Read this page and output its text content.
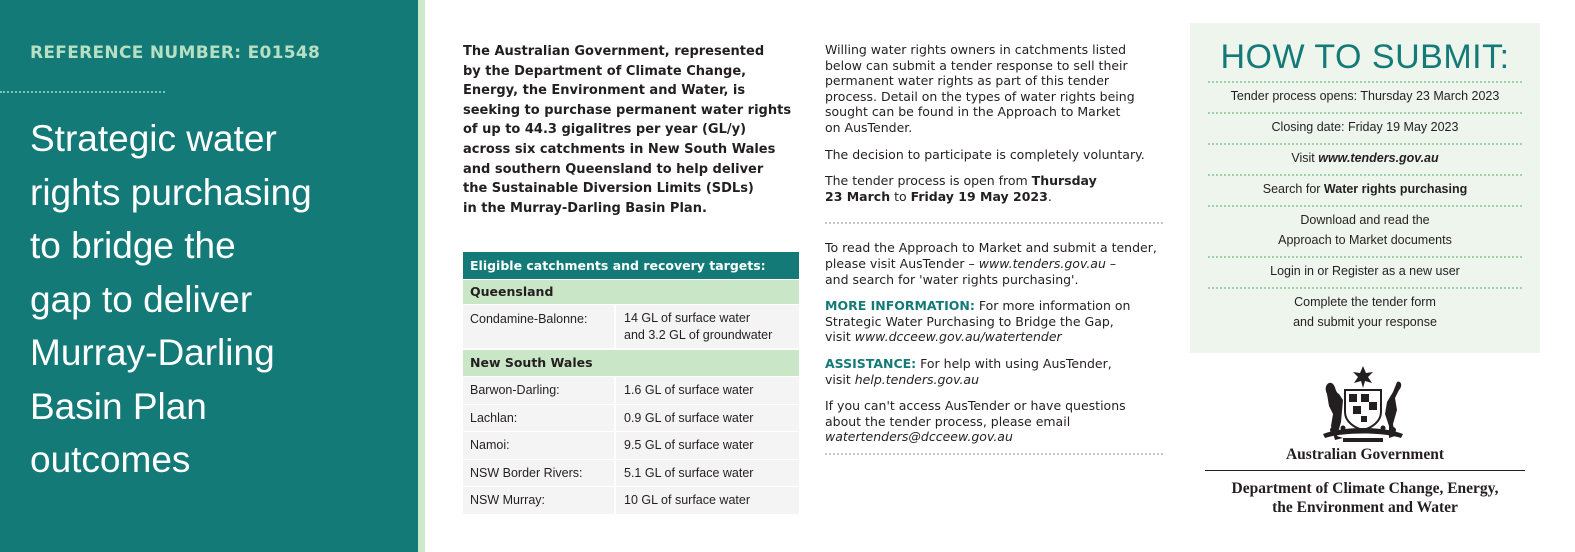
REFERENCE NUMBER: E01548
Strategic water
rights purchasing
to bridge the
gap to deliver
Murray-Darling
Basin Plan
outcomes
The Australian Government, represented
by the Department of Climate Change,
Energy, the Environment and Water, is
seeking to purchase permanent water rights
of up to 44.3 gigalitres per year (GL/y)
across six catchments in New South Wales
and southern Queensland to help deliver
the Sustainable Diversion Limits (SDLs)
in the Murray-Darling Basin Plan.
Eligible catchments and recovery targets:
Queensland
Condamine-Balonne:	14 GL of surface water
and 3.2 GL of groundwater
New South Wales
Barwon-Darling:	1.6 GL of surface water
Lachlan:	0.9 GL of surface water
Namoi:	9.5 GL of surface water
NSW Border Rivers:	5.1 GL of surface water
NSW Murray:	10 GL of surface water

Willing water rights owners in catchments listed
below can submit a tender response to sell their
permanent water rights as part of this tender
process. Detail on the types of water rights being
sought can be found in the Approach to Market
on AusTender.

The decision to participate is completely voluntary.

The tender process is open from Thursday
23 March to Friday 19 May 2023.

To read the Approach to Market and submit a tender,
please visit AusTender – www.tenders.gov.au –
and search for 'water rights purchasing'.

MORE INFORMATION: For more information on
Strategic Water Purchasing to Bridge the Gap,
visit www.dcceew.gov.au/watertender

ASSISTANCE: For help with using AusTender,
visit help.tenders.gov.au

If you can't access AusTender or have questions
about the tender process, please email
watertenders@dcceew.gov.au

HOW TO SUBMIT:
Tender process opens: Thursday 23 March 2023
Closing date: Friday 19 May 2023
Visit www.tenders.gov.au
Search for Water rights purchasing
Download and read the
Approach to Market documents
Login in or Register as a new user
Complete the tender form
and submit your response
Australian Government
Department of Climate Change, Energy,
the Environment and Water
